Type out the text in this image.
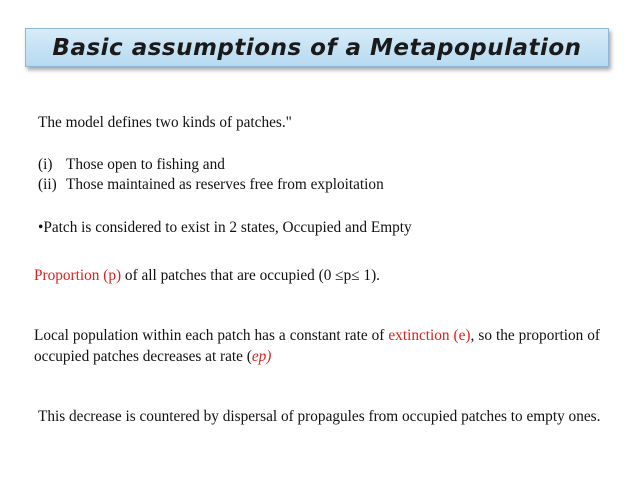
Basic assumptions of a Metapopulation
The model defines two kinds of patches."
(i) Those open to fishing and
(ii) Those maintained as reserves free from exploitation
•Patch is considered to exist in 2 states, Occupied and Empty
Proportion (p) of all patches that are occupied (0 ≤p≤ 1).
Local population within each patch has a constant rate of extinction (e), so the proportion of occupied patches decreases at rate (ep)
This decrease is countered by dispersal of propagules from occupied patches to empty ones.
